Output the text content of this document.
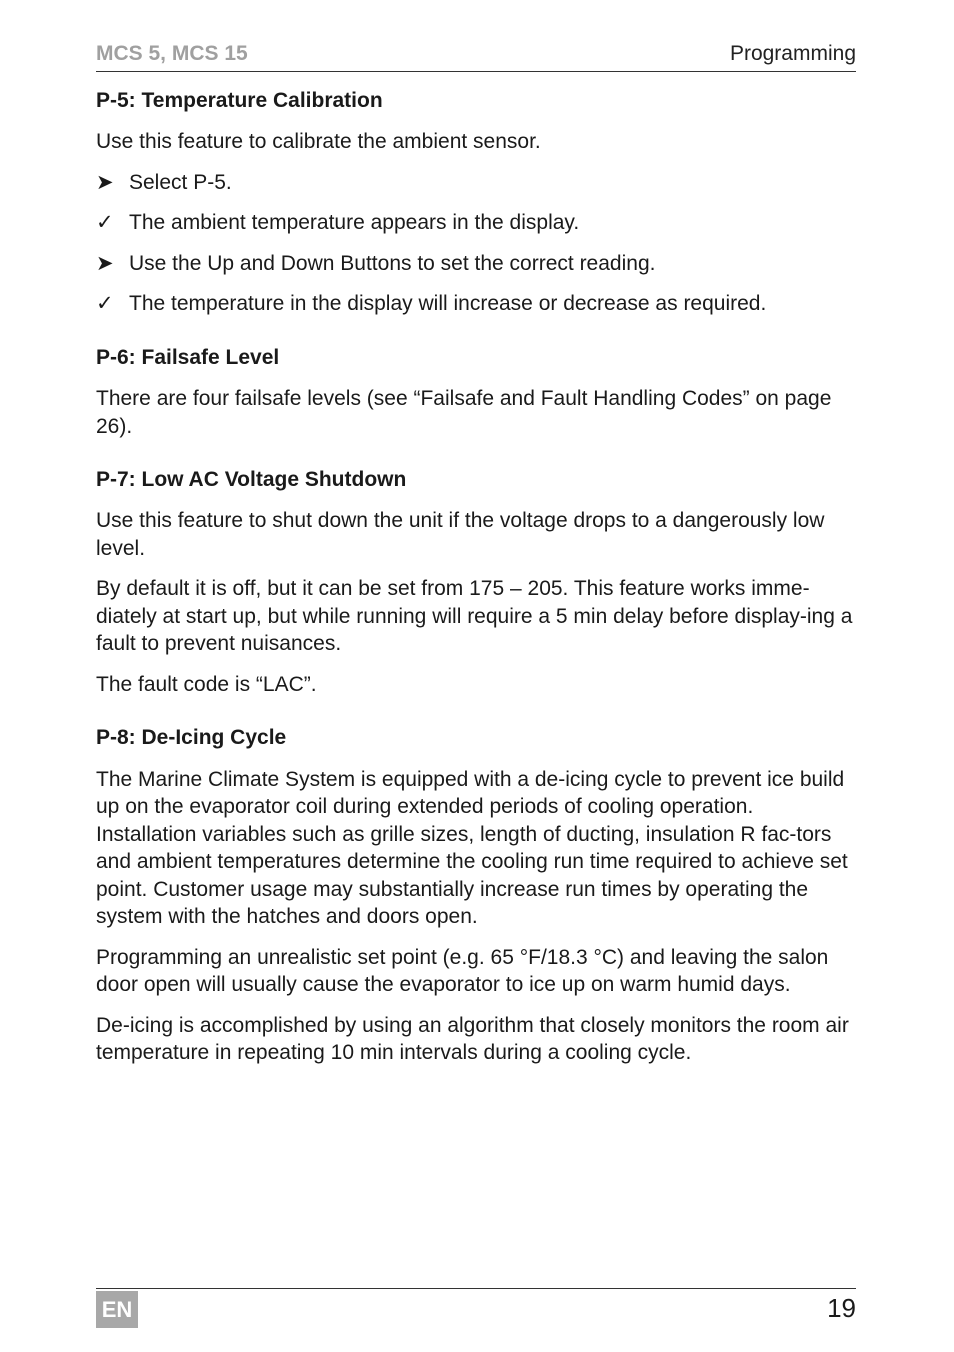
MCS 5, MCS 15	Programming
P-5: Temperature Calibration

Use this feature to calibrate the ambient sensor.

➤ Select P-5.
✓ The ambient temperature appears in the display.
➤ Use the Up and Down Buttons to set the correct reading.
✓ The temperature in the display will increase or decrease as required.
P-6: Failsafe Level

There are four failsafe levels (see “Failsafe and Fault Handling Codes” on page 26).

P-7: Low AC Voltage Shutdown

Use this feature to shut down the unit if the voltage drops to a dangerously low level.

By default it is off, but it can be set from 175 – 205. This feature works imme-diately at start up, but while running will require a 5 min delay before display-ing a fault to prevent nuisances.

The fault code is “LAC”.

P-8: De-Icing Cycle

The Marine Climate System is equipped with a de-icing cycle to prevent ice build up on the evaporator coil during extended periods of cooling operation. Installation variables such as grille sizes, length of ducting, insulation R fac-tors and ambient temperatures determine the cooling run time required to achieve set point. Customer usage may substantially increase run times by operating the system with the hatches and doors open.

Programming an unrealistic set point (e.g. 65 °F/18.3 °C) and leaving the salon door open will usually cause the evaporator to ice up on warm humid days.

De-icing is accomplished by using an algorithm that closely monitors the room air temperature in repeating 10 min intervals during a cooling cycle.

EN	19
